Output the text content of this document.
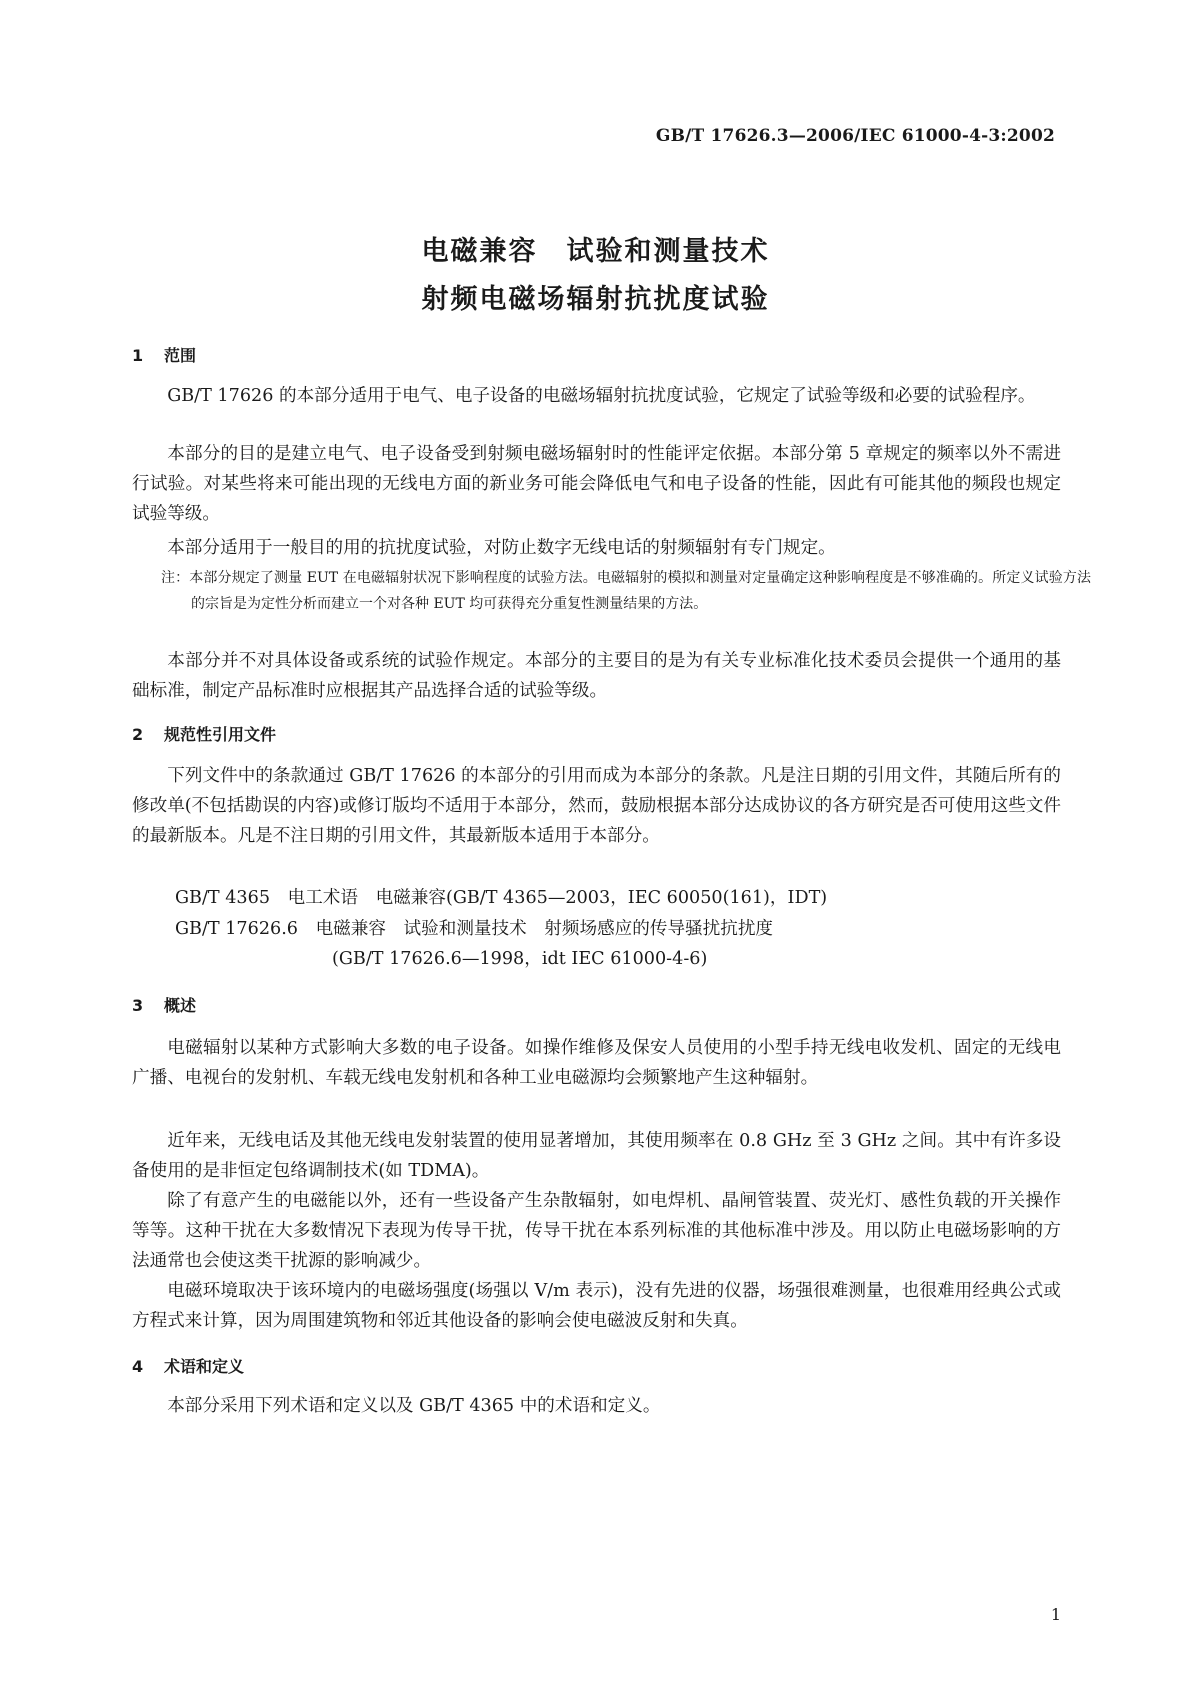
GB/T 17626.3—2006/IEC 61000-4-3:2002
电磁兼容　试验和测量技术
射频电磁场辐射抗扰度试验
1 范围

GB/T 17626 的本部分适用于电气、电子设备的电磁场辐射抗扰度试验，它规定了试验等级和必要的试验程序。

本部分的目的是建立电气、电子设备受到射频电磁场辐射时的性能评定依据。本部分第 5 章规定的频率以外不需进行试验。对某些将来可能出现的无线电方面的新业务可能会降低电气和电子设备的性能，因此有可能其他的频段也规定试验等级。

本部分适用于一般目的用的抗扰度试验，对防止数字无线电话的射频辐射有专门规定。

注：本部分规定了测量 EUT 在电磁辐射状况下影响程度的试验方法。电磁辐射的模拟和测量对定量确定这种影响程度是不够准确的。所定义试验方法的宗旨是为定性分析而建立一个对各种 EUT 均可获得充分重复性测量结果的方法。

本部分并不对具体设备或系统的试验作规定。本部分的主要目的是为有关专业标准化技术委员会提供一个通用的基础标准，制定产品标准时应根据其产品选择合适的试验等级。

2 规范性引用文件

下列文件中的条款通过 GB/T 17626 的本部分的引用而成为本部分的条款。凡是注日期的引用文件，其随后所有的修改单(不包括勘误的内容)或修订版均不适用于本部分，然而，鼓励根据本部分达成协议的各方研究是否可使用这些文件的最新版本。凡是不注日期的引用文件，其最新版本适用于本部分。

GB/T 4365　电工术语　电磁兼容(GB/T 4365—2003，IEC 60050(161)，IDT)
GB/T 17626.6　电磁兼容　试验和测量技术　射频场感应的传导骚扰抗扰度
(GB/T 17626.6—1998，idt IEC 61000-4-6)
3 概述

电磁辐射以某种方式影响大多数的电子设备。如操作维修及保安人员使用的小型手持无线电收发机、固定的无线电广播、电视台的发射机、车载无线电发射机和各种工业电磁源均会频繁地产生这种辐射。

近年来，无线电话及其他无线电发射装置的使用显著增加，其使用频率在 0.8 GHz 至 3 GHz 之间。其中有许多设备使用的是非恒定包络调制技术(如 TDMA)。

除了有意产生的电磁能以外，还有一些设备产生杂散辐射，如电焊机、晶闸管装置、荧光灯、感性负载的开关操作等等。这种干扰在大多数情况下表现为传导干扰，传导干扰在本系列标准的其他标准中涉及。用以防止电磁场影响的方法通常也会使这类干扰源的影响减少。

电磁环境取决于该环境内的电磁场强度(场强以 V/m 表示)，没有先进的仪器，场强很难测量，也很难用经典公式或方程式来计算，因为周围建筑物和邻近其他设备的影响会使电磁波反射和失真。

4 术语和定义

本部分采用下列术语和定义以及 GB/T 4365 中的术语和定义。

1
